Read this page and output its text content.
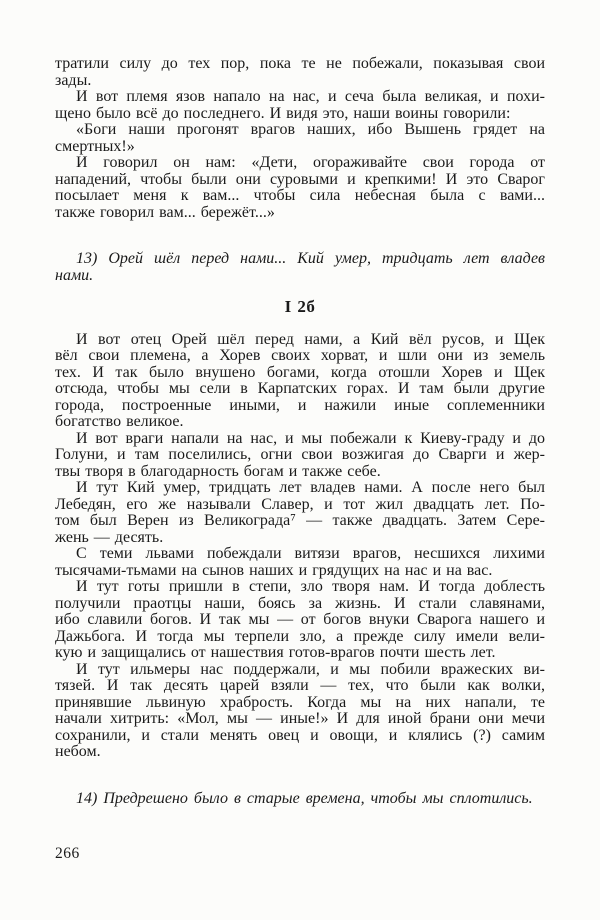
тратили силу до тех пор, пока те не побежали, показывая свои
зады.
И вот племя язов напало на нас, и сеча была великая, и похи-
щено было всё до последнего. И видя это, наши воины говорили:
«Боги наши прогонят врагов наших, ибо Вышень грядет на
смертных!»
И говорил он нам: «Дети, огораживайте свои города от
нападений, чтобы были они суровыми и крепкими! И это Сварог
посылает меня к вам... чтобы сила небесная была с вами...
также говорил вам... бережёт...»
13) Орей шёл перед нами... Кий умер, тридцать лет владев
нами.
I 2б
И вот отец Орей шёл перед нами, а Кий вёл русов, и Щек
вёл свои племена, а Хорев своих хорват, и шли они из земель
тех. И так было внушено богами, когда отошли Хорев и Щек
отсюда, чтобы мы сели в Карпатских горах. И там были другие
города, построенные иными, и нажили иные соплеменники
богатство великое.
И вот враги напали на нас, и мы побежали к Киеву-граду и до
Голуни, и там поселились, огни свои возжигая до Сварги и жер-
твы творя в благодарность богам и также себе.
И тут Кий умер, тридцать лет владев нами. А после него был
Лебедян, его же называли Славер, и тот жил двадцать лет. По-
том был Верен из Великограда⁷ — также двадцать. Затем Сере-
жень — десять.
С теми львами побеждали витязи врагов, несшихся лихими
тысячами-тьмами на сынов наших и грядущих на нас и на вас.
И тут готы пришли в степи, зло творя нам. И тогда доблесть
получили праотцы наши, боясь за жизнь. И стали славянами,
ибо славили богов. И так мы — от богов внуки Сварога нашего и
Дажьбога. И тогда мы терпели зло, а прежде силу имели вели-
кую и защищались от нашествия готов-врагов почти шесть лет.
И тут ильмеры нас поддержали, и мы побили вражеских ви-
тязей. И так десять царей взяли — тех, что были как волки,
принявшие львиную храбрость. Когда мы на них напали, те
начали хитрить: «Мол, мы — иные!» И для иной брани они мечи
сохранили, и стали менять овец и овощи, и клялись (?) самим
небом.
14) Предрешено было в старые времена, чтобы мы сплотились.
266
